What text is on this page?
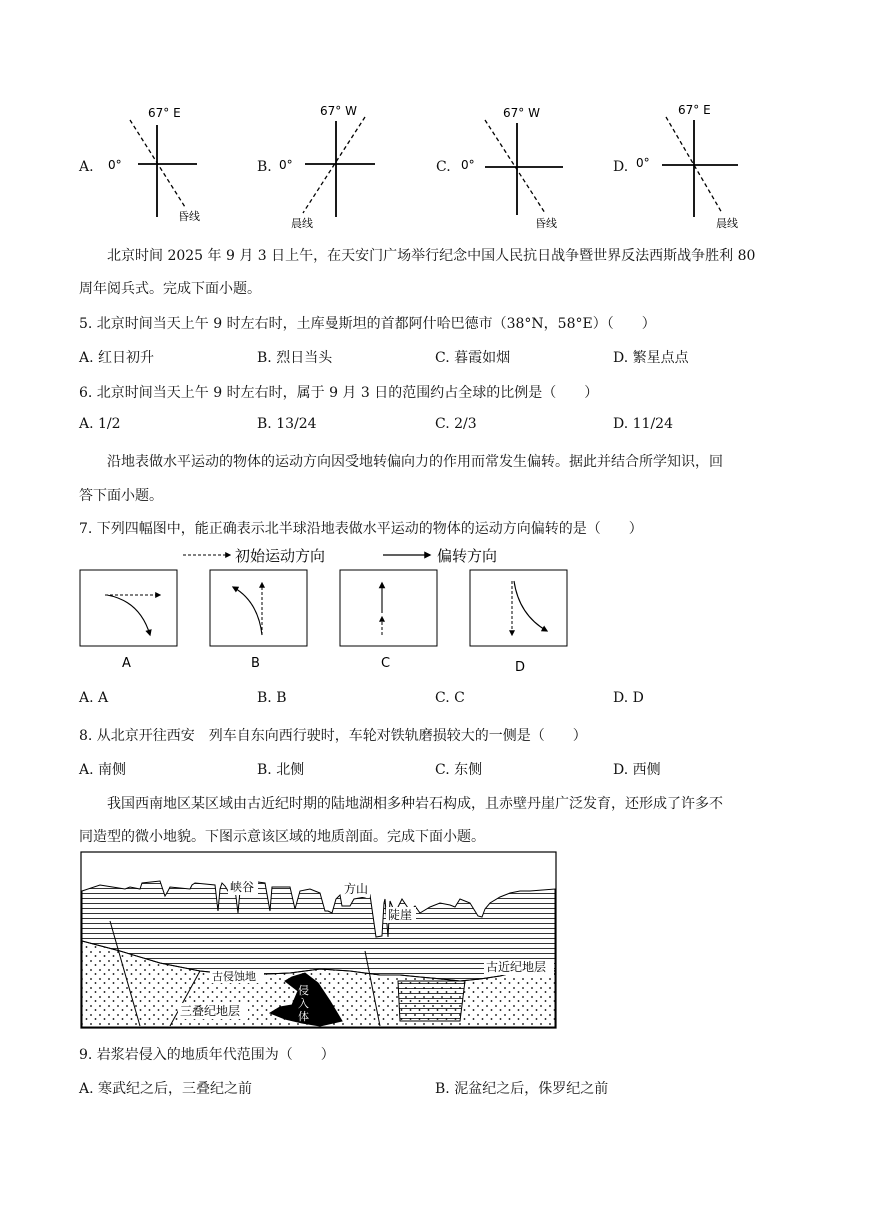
A.
67° E
0°
昏线
B.
67° W
0°
晨线
C.
67° W
0°
昏线
D.
67° E
0°
晨线
北京时间 2025 年 9 月 3 日上午，在天安门广场举行纪念中国人民抗日战争暨世界反法西斯战争胜利 80
周年阅兵式。完成下面小题。
5. 北京时间当天上午 9 时左右时，土库曼斯坦的首都阿什哈巴德市（38°N，58°E）（　　）
A. 红日初升	B. 烈日当头	C. 暮霞如烟	D. 繁星点点
6. 北京时间当天上午 9 时左右时，属于 9 月 3 日的范围约占全球的比例是（　　）
A. 1/2	B. 13/24	C. 2/3	D. 11/24
沿地表做水平运动的物体的运动方向因受地转偏向力的作用而常发生偏转。据此并结合所学知识，回
答下面小题。
7. 下列四幅图中，能正确表示北半球沿地表做水平运动的物体的运动方向偏转的是（　　）
初始运动方向	偏转方向
A	B	C	D
A. A	B. B	C. C	D. D
8. 从北京开往西安　列车自东向西行驶时，车轮对铁轨磨损较大的一侧是（　　）
A. 南侧	B. 北侧	C. 东侧	D. 西侧
我国西南地区某区域由古近纪时期的陆地湖相多种岩石构成，且赤壁丹崖广泛发育，还形成了许多不
同造型的微小地貌。下图示意该区域的地质剖面。完成下面小题。
峡谷	方山
陡崖
古近纪地层
古侵蚀地
三叠纪地层
侵
入
体
9. 岩浆岩侵入的地质年代范围为（　　）
A. 寒武纪之后，三叠纪之前	B. 泥盆纪之后，侏罗纪之前
